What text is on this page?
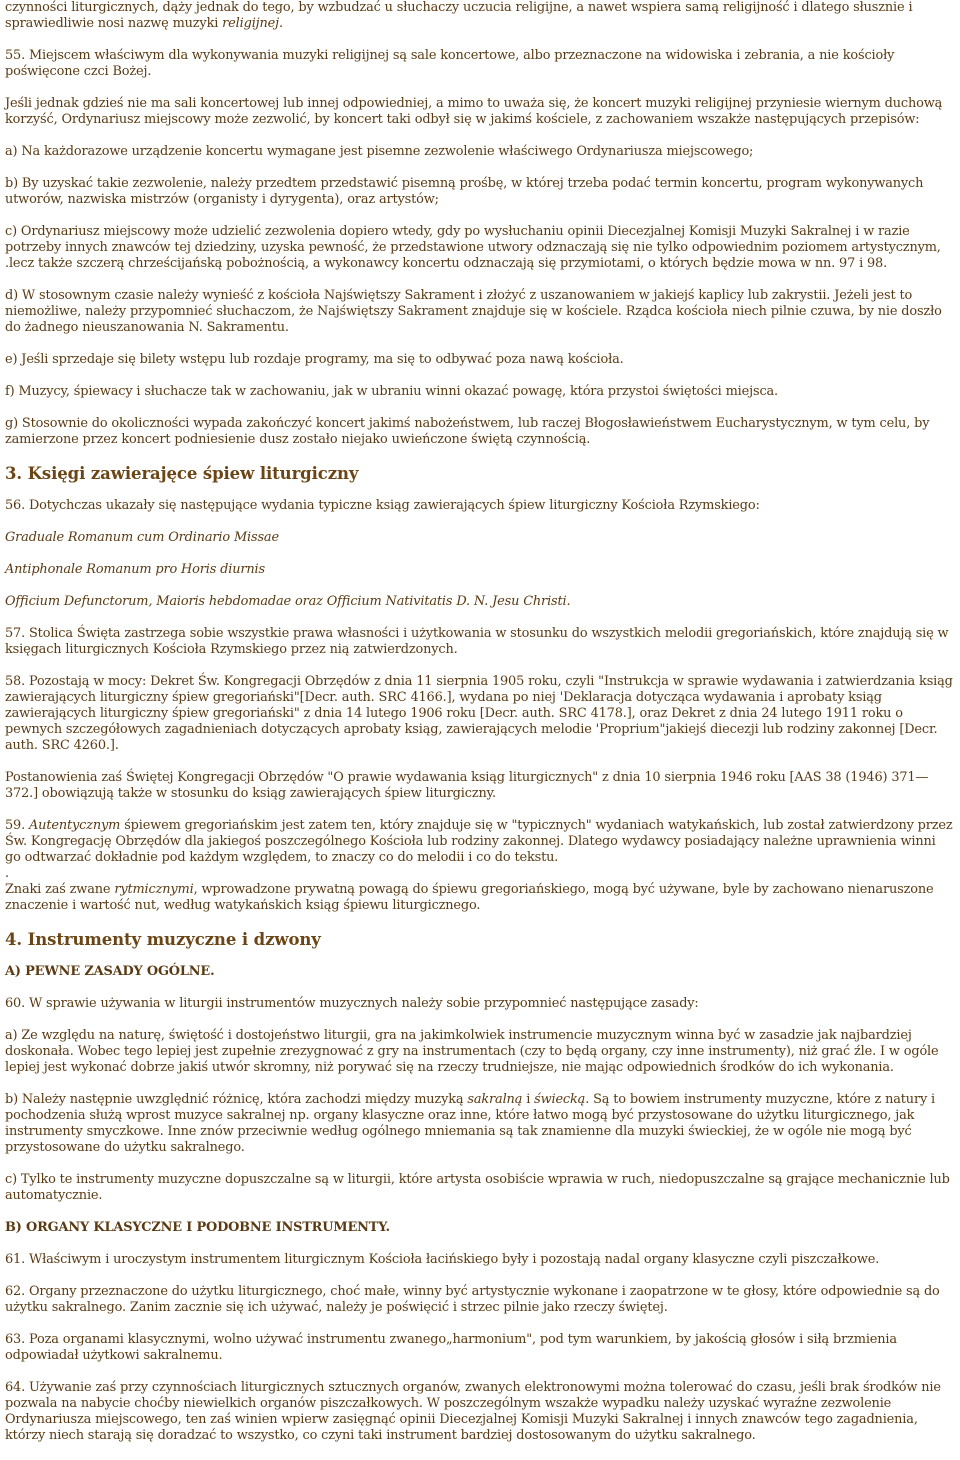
czynności liturgicznych, dąży jednak do tego, by wzbudzać u słuchaczy uczucia religijne, a nawet wspiera samą religijność i dlatego słusznie i sprawiedliwie nosi nazwę muzyki religijnej.

55. Miejscem właściwym dla wykonywania muzyki religijnej są sale koncertowe, albo przeznaczone na widowiska i zebrania, a nie kościoły poświęcone czci Bożej.

Jeśli jednak gdzieś nie ma sali koncertowej lub innej odpowiedniej, a mimo to uważa się, że koncert muzyki religijnej przyniesie wiernym duchową korzyść, Ordynariusz miejscowy może zezwolić, by koncert taki odbył się w jakimś kościele, z zachowaniem wszakże następujących przepisów:

a) Na każdorazowe urządzenie koncertu wymagane jest pisemne zezwolenie właściwego Ordynariusza miejscowego;

b) By uzyskać takie zezwolenie, należy przedtem przedstawić pisemną prośbę, w której trzeba podać termin koncertu, program wykonywanych utworów, nazwiska mistrzów (organisty i dyrygenta), oraz artystów;

c) Ordynariusz miejscowy może udzielić zezwolenia dopiero wtedy, gdy po wysłuchaniu opinii Diecezjalnej Komisji Muzyki Sakralnej i w razie potrzeby innych znawców tej dziedziny, uzyska pewność, że przedstawione utwory odznaczają się nie tylko odpowiednim poziomem artystycznym, .lecz także szczerą chrześcijańską pobożnością, a wykonawcy koncertu odznaczają się przymiotami, o których będzie mowa w nn. 97 i 98.

d) W stosownym czasie należy wynieść z kościoła Najświętszy Sakrament i złożyć z uszanowaniem w jakiejś kaplicy lub zakrystii. Jeżeli jest to niemożliwe, należy przypomnieć słuchaczom, że Najświętszy Sakrament znajduje się w kościele. Rządca kościoła niech pilnie czuwa, by nie doszło do żadnego nieuszanowania N. Sakramentu.

e) Jeśli sprzedaje się bilety wstępu lub rozdaje programy, ma się to odbywać poza nawą kościoła.

f) Muzycy, śpiewacy i słuchacze tak w zachowaniu, jak w ubraniu winni okazać powagę, która przystoi świętości miejsca.

g) Stosownie do okoliczności wypada zakończyć koncert jakimś nabożeństwem, lub raczej Błogosławieństwem Eucharystycznym, w tym celu, by zamierzone przez koncert podniesienie dusz zostało niejako uwieńczone świętą czynnością.

3. Księgi zawierajęce śpiew liturgiczny

56. Dotychczas ukazały się następujące wydania typiczne ksiąg zawierających śpiew liturgiczny Kościoła Rzymskiego:

Graduale Romanum cum Ordinario Missae

Antiphonale Romanum pro Horis diurnis

Officium Defunctorum, Maioris hebdomadae oraz Officium Nativitatis D. N. Jesu Christi.

57. Stolica Święta zastrzega sobie wszystkie prawa własności i użytkowania w stosunku do wszystkich melodii gregoriańskich, które znajdują się w księgach liturgicznych Kościoła Rzymskiego przez nią zatwierdzonych.

58. Pozostają w mocy: Dekret Św. Kongregacji Obrzędów z dnia 11 sierpnia 1905 roku, czyli "Instrukcja w sprawie wydawania i zatwierdzania ksiąg zawierających liturgiczny śpiew gregoriański"[Decr. auth. SRC 4166.], wydana po niej 'Deklaracja dotycząca wydawania i aprobaty ksiąg zawierających liturgiczny śpiew gregoriański" z dnia 14 lutego 1906 roku [Decr. auth. SRC 4178.], oraz Dekret z dnia 24 lutego 1911 roku o pewnych szczegółowych zagadnieniach dotyczących aprobaty ksiąg, zawierających melodie 'Proprium"jakiejś diecezji lub rodziny zakonnej [Decr. auth. SRC 4260.].

Postanowienia zaś Świętej Kongregacji Obrzędów "O prawie wydawania ksiąg liturgicznych" z dnia 10 sierpnia 1946 roku [AAS 38 (1946) 371—372.] obowiązują także w stosunku do ksiąg zawierających śpiew liturgiczny.

59. Autentycznym śpiewem gregoriańskim jest zatem ten, który znajduje się w "typicznych" wydaniach watykańskich, lub został zatwierdzony przez Św. Kongregację Obrzędów dla jakiegoś poszczególnego Kościoła lub rodziny zakonnej. Dlatego wydawcy posiadający należne uprawnienia winni go odtwarzać dokładnie pod każdym względem, to znaczy co do melodii i co do tekstu.

.

Znaki zaś zwane rytmicznymi, wprowadzone prywatną powagą do śpiewu gregoriańskiego, mogą być używane, byle by zachowano nienaruszone znaczenie i wartość nut, według watykańskich ksiąg śpiewu liturgicznego.

4. Instrumenty muzyczne i dzwony
A) PEWNE ZASADY OGÓLNE.

60. W sprawie używania w liturgii instrumentów muzycznych należy sobie przypomnieć następujące zasady:

a) Ze względu na naturę, świętość i dostojeństwo liturgii, gra na jakimkolwiek instrumencie muzycznym winna być w zasadzie jak najbardziej doskonała. Wobec tego lepiej jest zupełnie zrezygnować z gry na instrumentach (czy to będą organy, czy inne instrumenty), niż grać źle. I w ogóle lepiej jest wykonać dobrze jakiś utwór skromny, niż porywać się na rzeczy trudniejsze, nie mając odpowiednich środków do ich wykonania.

b) Należy następnie uwzględnić różnicę, która zachodzi między muzyką sakralną i świecką. Są to bowiem instrumenty muzyczne, które z natury i pochodzenia służą wprost muzyce sakralnej np. organy klasyczne oraz inne, które łatwo mogą być przystosowane do użytku liturgicznego, jak instrumenty smyczkowe. Inne znów przeciwnie według ogólnego mniemania są tak znamienne dla muzyki świeckiej, że w ogóle nie mogą być przystosowane do użytku sakralnego.

c) Tylko te instrumenty muzyczne dopuszczalne są w liturgii, które artysta osobiście wprawia w ruch, niedopuszczalne są grające mechanicznie lub automatycznie.

B) ORGANY KLASYCZNE I PODOBNE INSTRUMENTY.

61. Właściwym i uroczystym instrumentem liturgicznym Kościoła łacińskiego były i pozostają nadal organy klasyczne czyli piszczałkowe.

62. Organy przeznaczone do użytku liturgicznego, choć małe, winny być artystycznie wykonane i zaopatrzone w te głosy, które odpowiednie są do użytku sakralnego. Zanim zacznie się ich używać, należy je poświęcić i strzec pilnie jako rzeczy świętej.

63. Poza organami klasycznymi, wolno używać instrumentu zwanego„harmonium", pod tym warunkiem, by jakością głosów i siłą brzmienia odpowiadał użytkowi sakralnemu.

64. Używanie zaś przy czynnościach liturgicznych sztucznych organów, zwanych elektronowymi można tolerować do czasu, jeśli brak środków nie pozwala na nabycie choćby niewielkich organów piszczałkowych. W poszczególnym wszakże wypadku należy uzyskać wyraźne zezwolenie Ordynariusza miejscowego, ten zaś winien wpierw zasięgnąć opinii Diecezjalnej Komisji Muzyki Sakralnej i innych znawców tego zagadnienia, którzy niech starają się doradzać to wszystko, co czyni taki instrument bardziej dostosowanym do użytku sakralnego.
